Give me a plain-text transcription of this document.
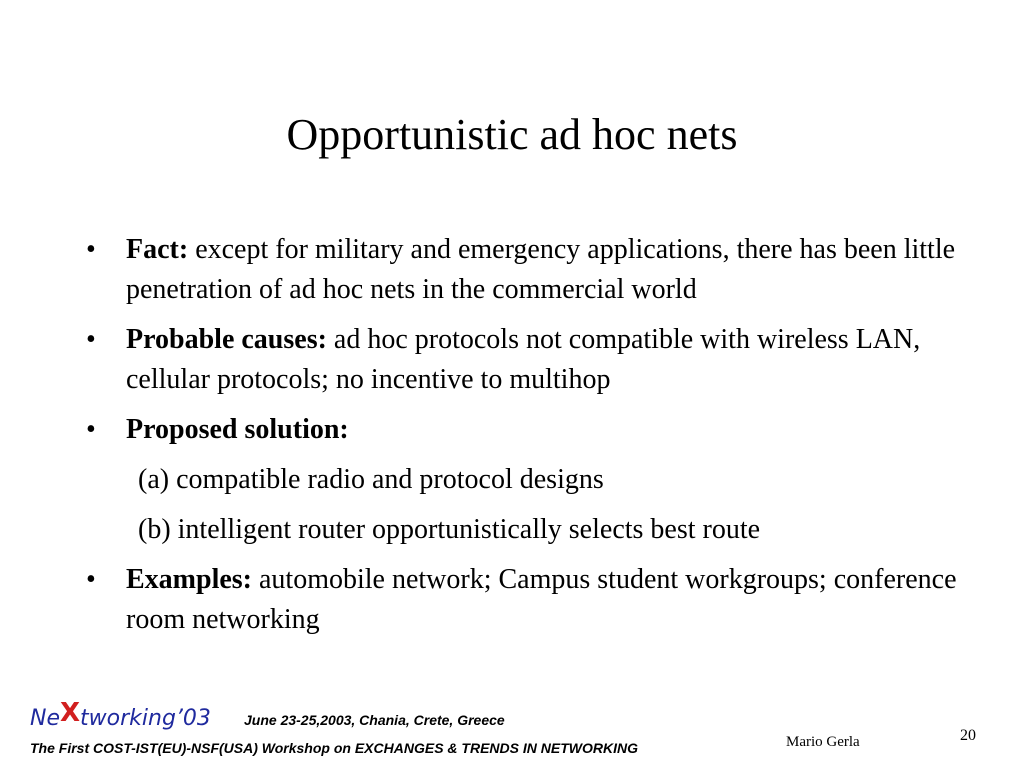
Opportunistic ad hoc nets
•	Fact: except for military and emergency applications, there has been little penetration of ad hoc nets in the commercial world
•	Probable causes: ad hoc protocols not compatible with wireless LAN, cellular protocols; no incentive to multihop
•	Proposed solution:
(a) compatible radio and protocol designs
(b) intelligent router opportunistically selects best route
•	Examples: automobile network; Campus student workgroups; conference room networking
NeXtworking’03 June 23-25,2003, Chania, Crete, Greece
The First COST-IST(EU)-NSF(USA) Workshop on EXCHANGES & TRENDS IN NETWORKING	Mario Gerla	20
